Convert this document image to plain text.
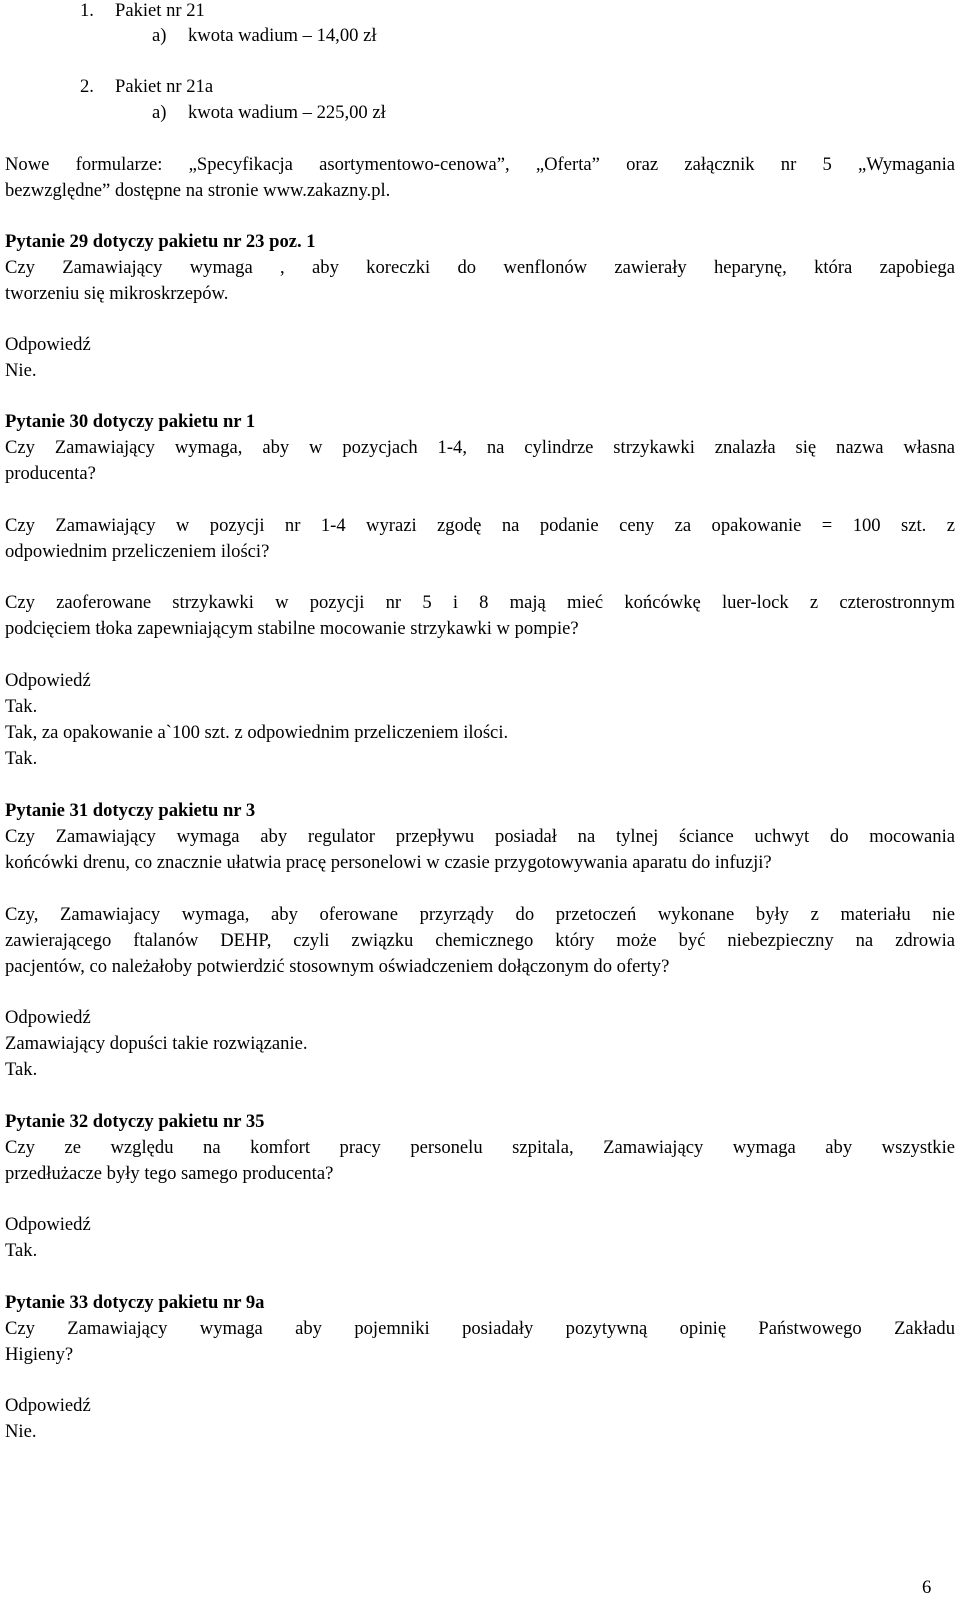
1. Pakiet nr 21
a) kwota wadium – 14,00 zł
2. Pakiet nr 21a
a) kwota wadium – 225,00 zł
Nowe formularze: „Specyfikacja asortymentowo-cenowa”, „Oferta” oraz załącznik nr 5 „Wymagania
bezwzględne” dostępne na stronie www.zakazny.pl.
Pytanie 29 dotyczy pakietu nr 23 poz. 1
Czy Zamawiający wymaga , aby koreczki do wenflonów zawierały heparynę, która zapobiega
tworzeniu się mikroskrzepów.
Odpowiedź
Nie.
Pytanie 30 dotyczy pakietu nr 1
Czy Zamawiający wymaga, aby w pozycjach 1-4, na cylindrze strzykawki znalazła się nazwa własna
producenta?
Czy Zamawiający w pozycji nr 1-4 wyrazi zgodę na podanie ceny za opakowanie = 100 szt. z
odpowiednim przeliczeniem ilości?
Czy zaoferowane strzykawki w pozycji nr 5 i 8 mają mieć końcówkę luer-lock z czterostronnym
podcięciem tłoka zapewniającym stabilne mocowanie strzykawki w pompie?
Odpowiedź
Tak.
Tak, za opakowanie a`100 szt. z odpowiednim przeliczeniem ilości.
Tak.
Pytanie 31 dotyczy pakietu nr 3
Czy Zamawiający wymaga aby regulator przepływu posiadał na tylnej ściance uchwyt do mocowania
końcówki drenu, co znacznie ułatwia pracę personelowi w czasie przygotowywania aparatu do infuzji?
Czy, Zamawiajacy wymaga, aby oferowane przyrządy do przetoczeń wykonane były z materiału nie
zawierającego ftalanów DEHP, czyli związku chemicznego który może być niebezpieczny na zdrowia
pacjentów, co należałoby potwierdzić stosownym oświadczeniem dołączonym do oferty?
Odpowiedź
Zamawiający dopuści takie rozwiązanie.
Tak.
Pytanie 32 dotyczy pakietu nr 35
Czy ze względu na komfort pracy personelu szpitala, Zamawiający wymaga aby wszystkie
przedłużacze były tego samego producenta?
Odpowiedź
Tak.
Pytanie 33 dotyczy pakietu nr 9a
Czy Zamawiający wymaga aby pojemniki posiadały pozytywną opinię Państwowego Zakładu
Higieny?
Odpowiedź
Nie.
6
